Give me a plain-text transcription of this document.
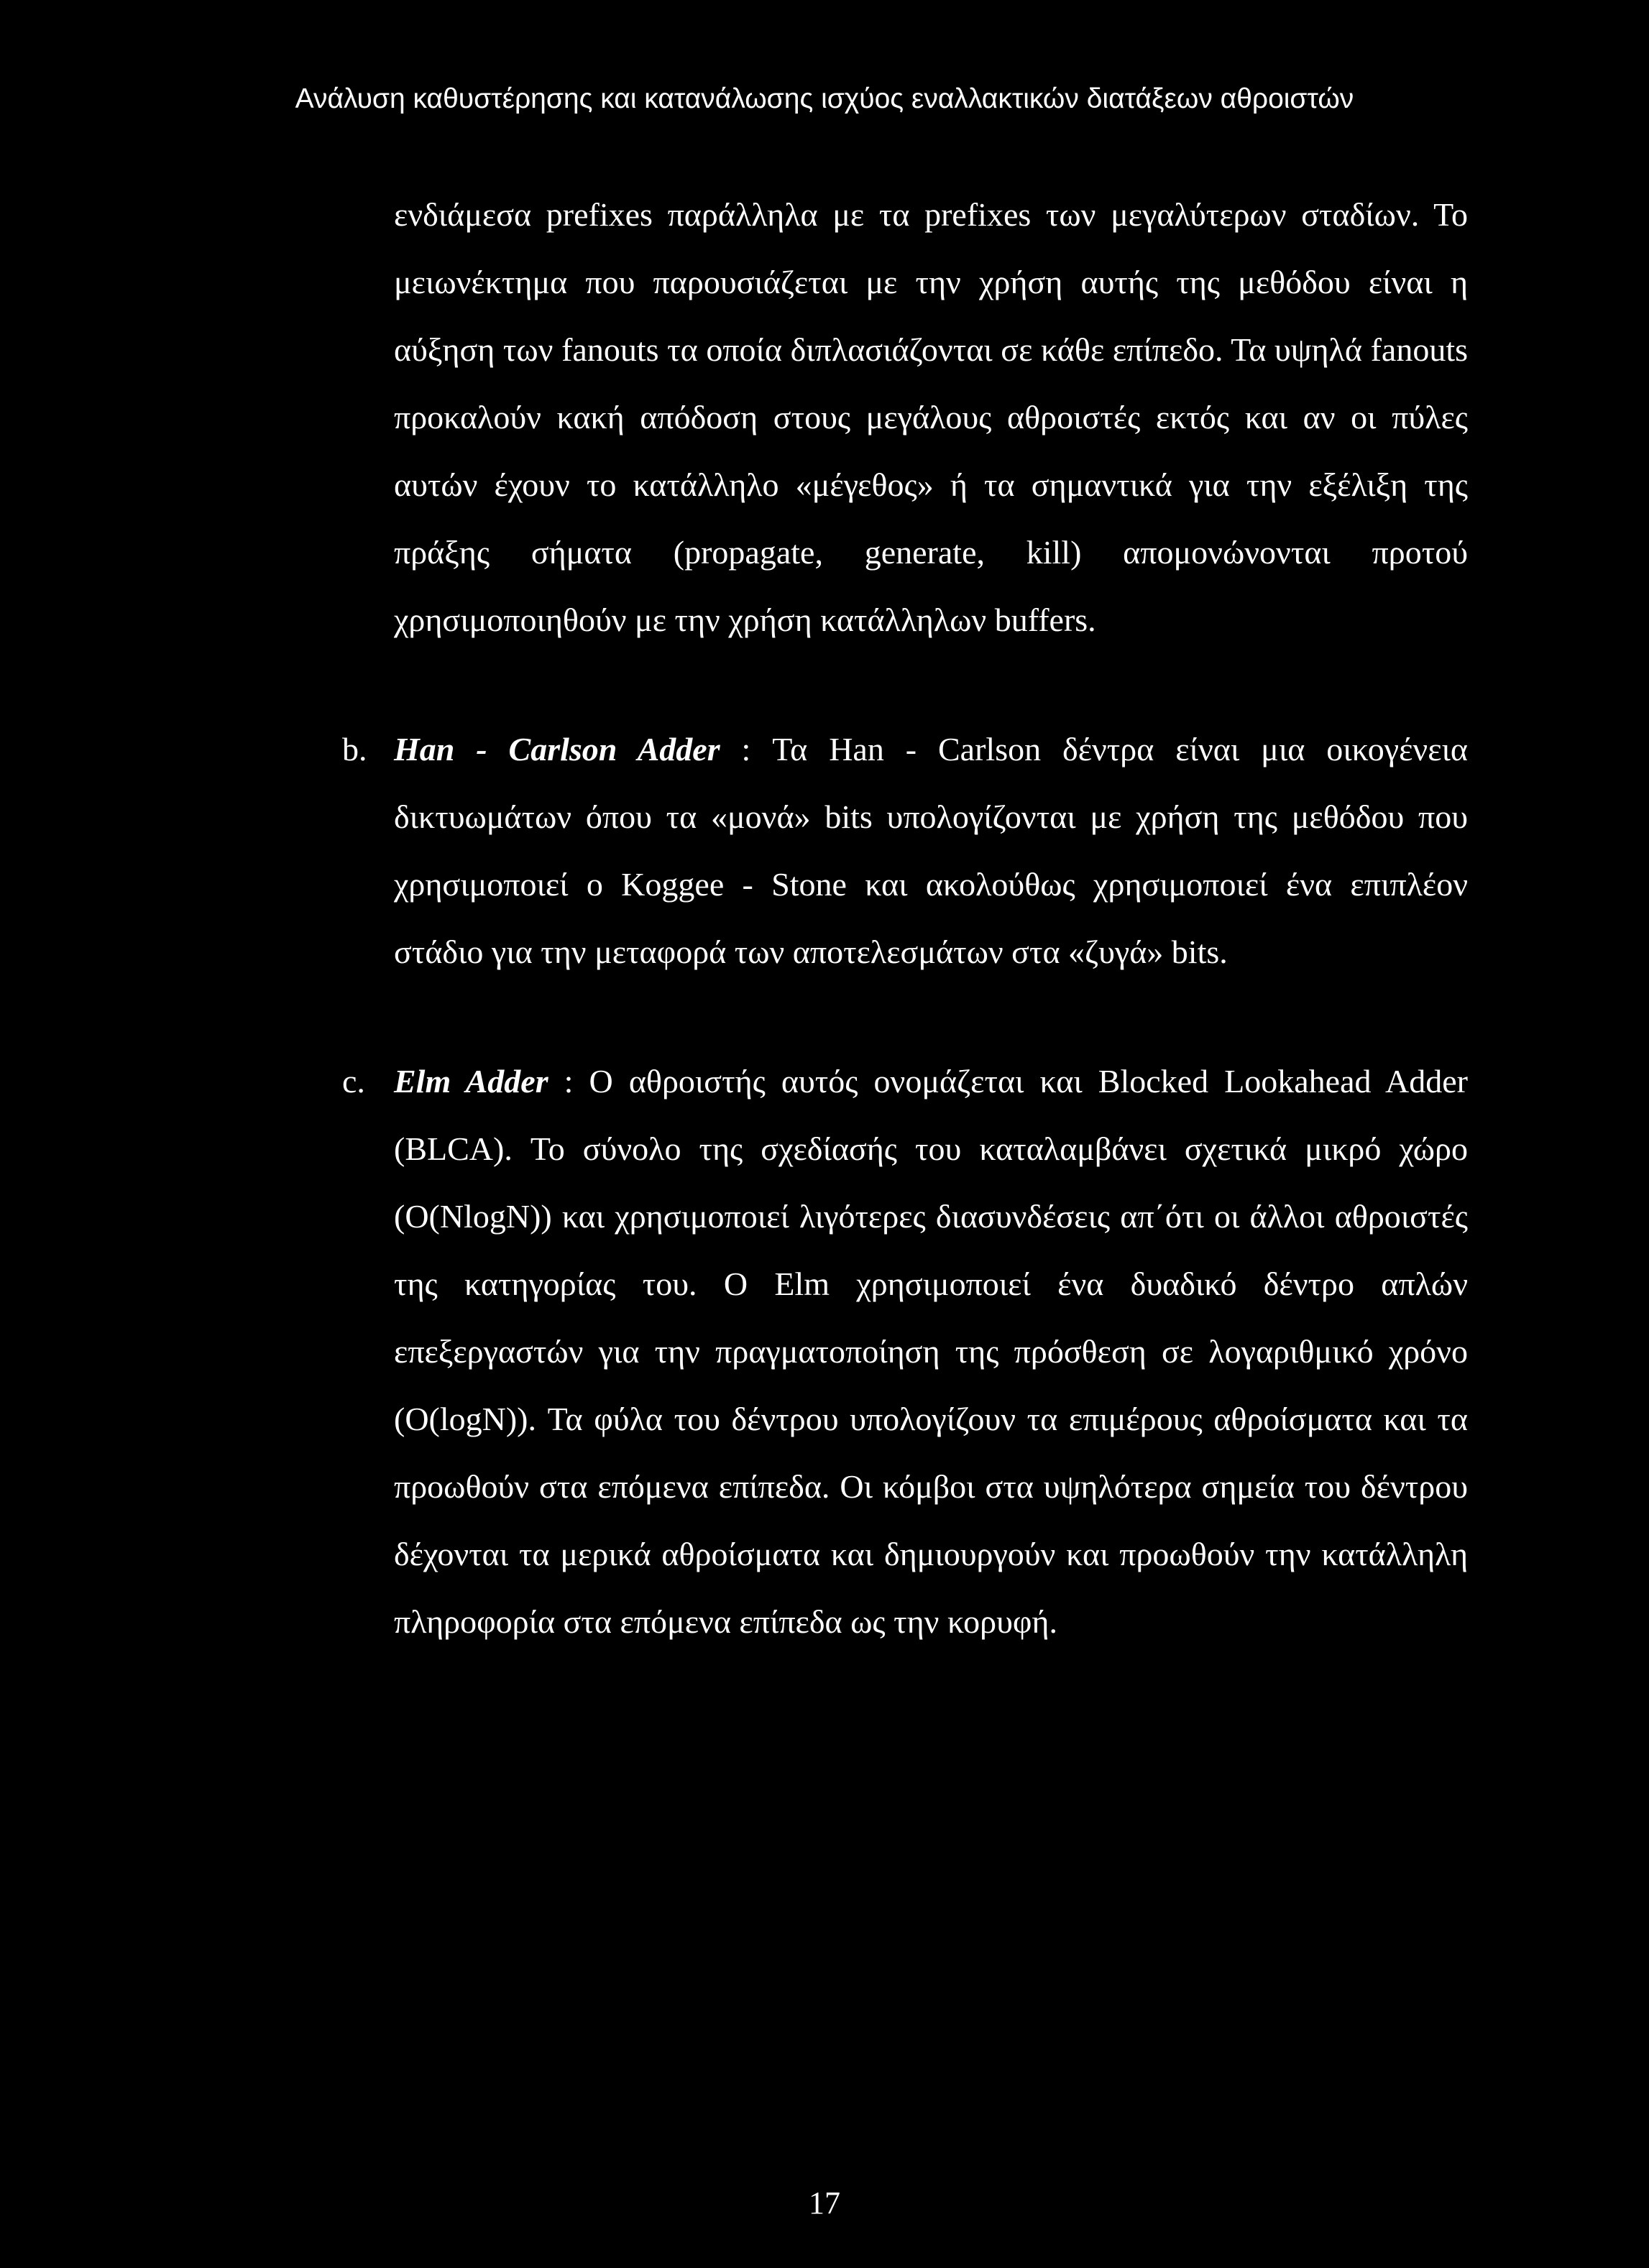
Ανάλυση καθυστέρησης και κατανάλωσης ισχύος εναλλακτικών διατάξεων αθροιστών

ενδιάμεσα prefixes παράλληλα με τα prefixes των μεγαλύτερων σταδίων. Το μειωνέκτημα που παρουσιάζεται με την χρήση αυτής της μεθόδου είναι η αύξηση των fanouts τα οποία διπλασιάζονται σε κάθε επίπεδο. Τα υψηλά fanouts προκαλούν κακή απόδοση στους μεγάλους αθροιστές εκτός και αν οι πύλες αυτών έχουν το κατάλληλο «μέγεθος» ή τα σημαντικά για την εξέλιξη της πράξης σήματα (propagate, generate, kill) απομονώνονται προτού χρησιμοποιηθούν με την χρήση κατάλληλων buffers.

b. Han - Carlson Adder : Τα Han - Carlson δέντρα είναι μια οικογένεια δικτυωμάτων όπου τα «μονά» bits υπολογίζονται με χρήση της μεθόδου που χρησιμοποιεί ο Koggee - Stone και ακολούθως χρησιμοποιεί ένα επιπλέον στάδιο για την μεταφορά των αποτελεσμάτων στα «ζυγά» bits.

c. Elm Adder : Ο αθροιστής αυτός ονομάζεται και Blocked Lookahead Adder (BLCA). Το σύνολο της σχεδίασής του καταλαμβάνει σχετικά μικρό χώρο (O(NlogN)) και χρησιμοποιεί λιγότερες διασυνδέσεις απ΄ότι οι άλλοι αθροιστές της κατηγορίας του. Ο Elm χρησιμοποιεί ένα δυαδικό δέντρο απλών επεξεργαστών για την πραγματοποίηση της πρόσθεση σε λογαριθμικό χρόνο (O(logN)). Τα φύλα του δέντρου υπολογίζουν τα επιμέρους αθροίσματα και τα προωθούν στα επόμενα επίπεδα. Οι κόμβοι στα υψηλότερα σημεία του δέντρου δέχονται τα μερικά αθροίσματα και δημιουργούν και προωθούν την κατάλληλη πληροφορία στα επόμενα επίπεδα ως την κορυφή.

17
